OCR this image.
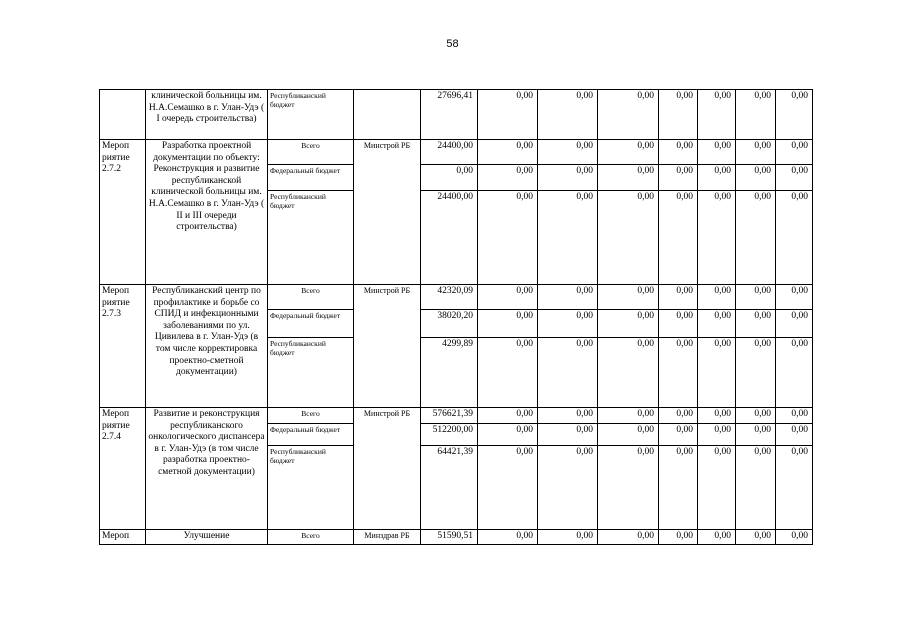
58
	клинической больницы им. Н.А.Семашко в г. Улан-Удэ ( I очередь строительства)	Республиканский бюджет		27696,41	0,00	0,00	0,00	0,00	0,00	0,00	0,00
Мероп риятие 2.7.2	Разработка проектной документации по объекту: Реконструкция и развитие республиканской клинической больницы им. Н.А.Семашко в г. Улан-Удэ ( II и III очереди строительства)	Всего	Минстрой РБ	24400,00	0,00	0,00	0,00	0,00	0,00	0,00	0,00
		Федеральный бюджет		0,00	0,00	0,00	0,00	0,00	0,00	0,00	0,00
		Республиканский бюджет		24400,00	0,00	0,00	0,00	0,00	0,00	0,00	0,00
Мероп риятие 2.7.3	Республиканский центр по профилактике и борьбе со СПИД и инфекционными заболеваниями по ул. Цивилева в г. Улан-Удэ (в том числе корректировка проектно-сметной документации)	Всего	Минстрой РБ	42320,09	0,00	0,00	0,00	0,00	0,00	0,00	0,00
		Федеральный бюджет		38020,20	0,00	0,00	0,00	0,00	0,00	0,00	0,00
		Республиканский бюджет		4299,89	0,00	0,00	0,00	0,00	0,00	0,00	0,00
Мероп риятие 2.7.4	Развитие и реконструкция республиканского онкологического диспансера в г. Улан-Удэ (в том числе разработка проектно-сметной документации)	Всего	Минстрой РБ	576621,39	0,00	0,00	0,00	0,00	0,00	0,00	0,00
		Федеральный бюджет		512200,00	0,00	0,00	0,00	0,00	0,00	0,00	0,00
		Республиканский бюджет		64421,39	0,00	0,00	0,00	0,00	0,00	0,00	0,00
Мероп	Улучшение	Всего	Минздрав РБ	51590,51	0,00	0,00	0,00	0,00	0,00	0,00	0,00
